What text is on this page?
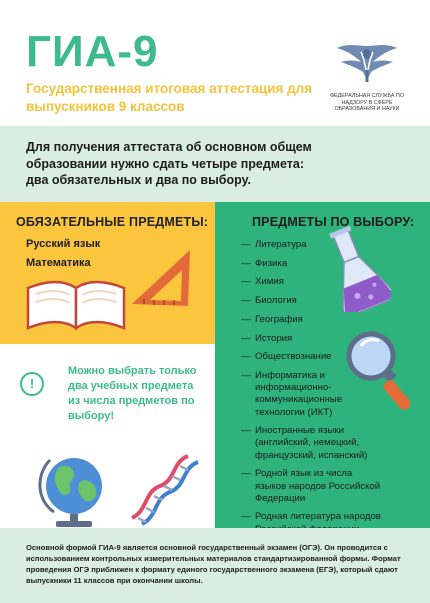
ГИА-9
Государственная итоговая аттестация для выпускников 9 классов
ФЕДЕРАЛЬНАЯ СЛУЖБА ПО НАДЗОРУ В СФЕРЕ ОБРАЗОВАНИЯ И НАУКИ
Для получения аттестата об основном общем образовании нужно сдать четыре предмета: два обязательных и два по выбору.
ОБЯЗАТЕЛЬНЫЕ ПРЕДМЕТЫ:
Русский язык
Математика
ПРЕДМЕТЫ ПО ВЫБОРУ:
— Литература
— Физика
— Химия
— Биология
— География
— История
— Обществознание
— Информатика и информационно-коммуникационные технологии (ИКТ)
— Иностранные языки (английский, немецкий, французский, испанский)
— Родной язык из числа языков народов Российской Федерации
— Родная литература народов
!
Можно выбрать только два учебных предмета из числа предметов по выбору!
Основной формой ГИА-9 является основной государственный экзамен (ОГЭ). Он проводится с использованием контрольных измерительных материалов стандартизированной формы. Формат проведения ОГЭ приближен к формату единого государственного экзамена (ЕГЭ), который сдают выпускники 11 классов при окончании школы.
